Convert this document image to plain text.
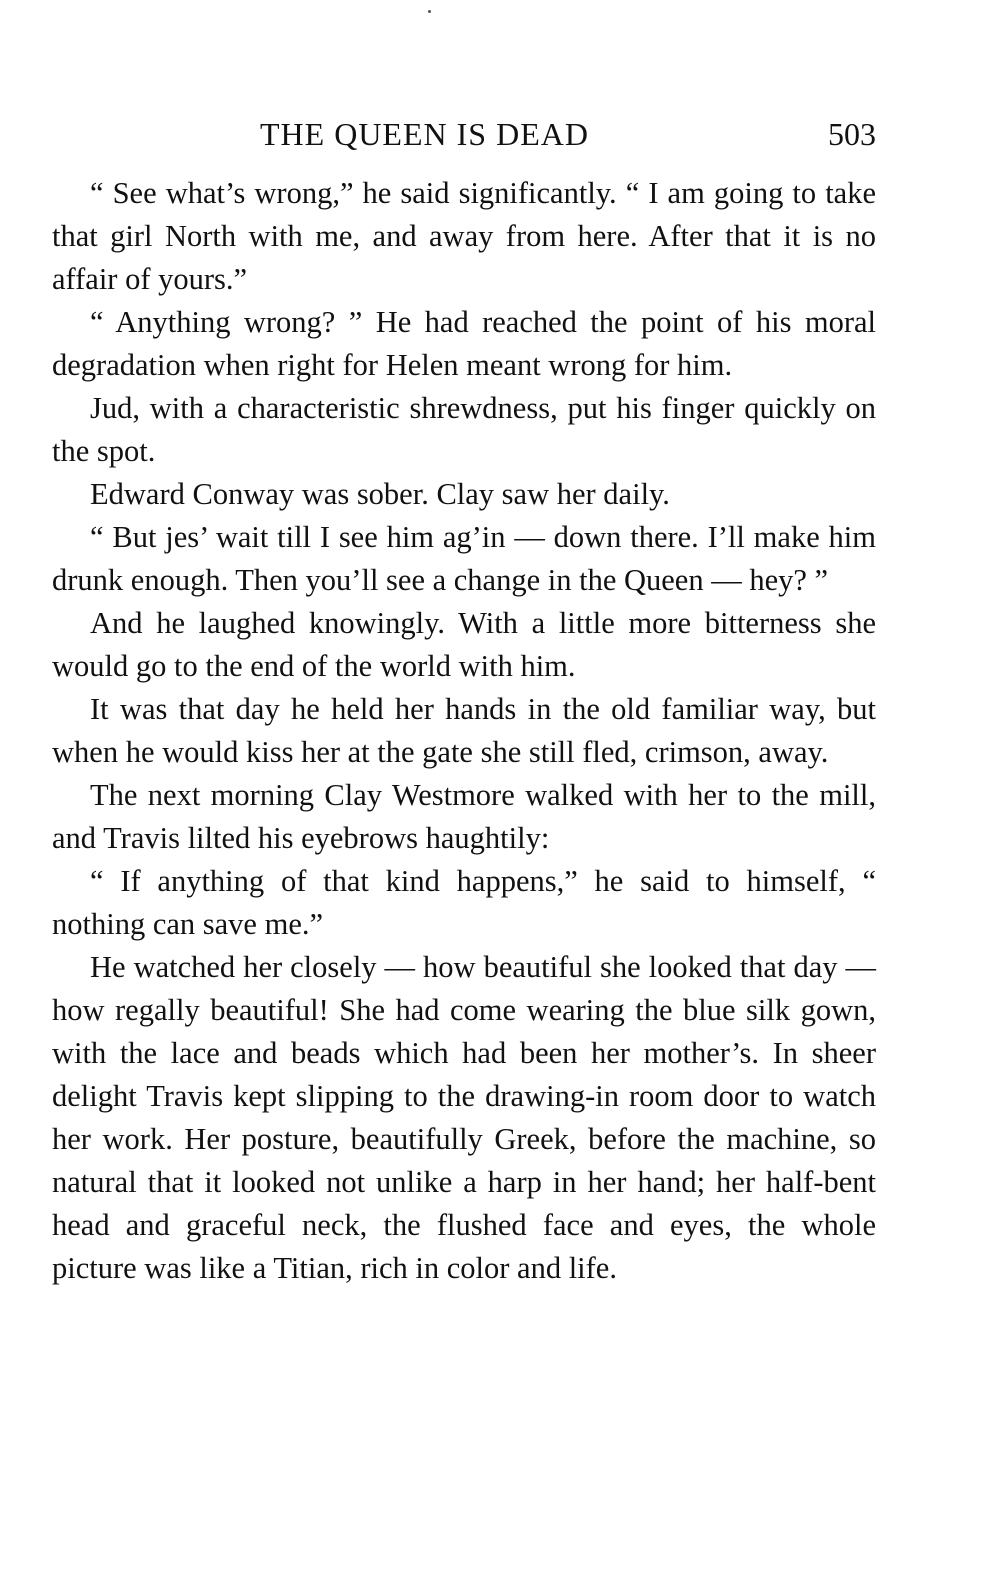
THE QUEEN IS DEAD	503

“ See what’s wrong,” he said significantly. “ I am going to take that girl North with me, and away from here. After that it is no affair of yours.”

“ Anything wrong? ” He had reached the point of his moral degradation when right for Helen meant wrong for him.

Jud, with a characteristic shrewdness, put his finger quickly on the spot.

Edward Conway was sober. Clay saw her daily.

“ But jes’ wait till I see him ag’in — down there. I’ll make him drunk enough. Then you’ll see a change in the Queen — hey? ”

And he laughed knowingly. With a little more bitterness she would go to the end of the world with him.

It was that day he held her hands in the old familiar way, but when he would kiss her at the gate she still fled, crimson, away.

The next morning Clay Westmore walked with her to the mill, and Travis lilted his eyebrows haughtily:

“ If anything of that kind happens,” he said to himself, “ nothing can save me.”

He watched her closely — how beautiful she looked that day — how regally beautiful! She had come wearing the blue silk gown, with the lace and beads which had been her mother’s. In sheer delight Travis kept slipping to the drawing-in room door to watch her work. Her posture, beautifully Greek, before the machine, so natural that it looked not unlike a harp in her hand; her half-bent head and graceful neck, the flushed face and eyes, the whole picture was like a Titian, rich in color and life.
